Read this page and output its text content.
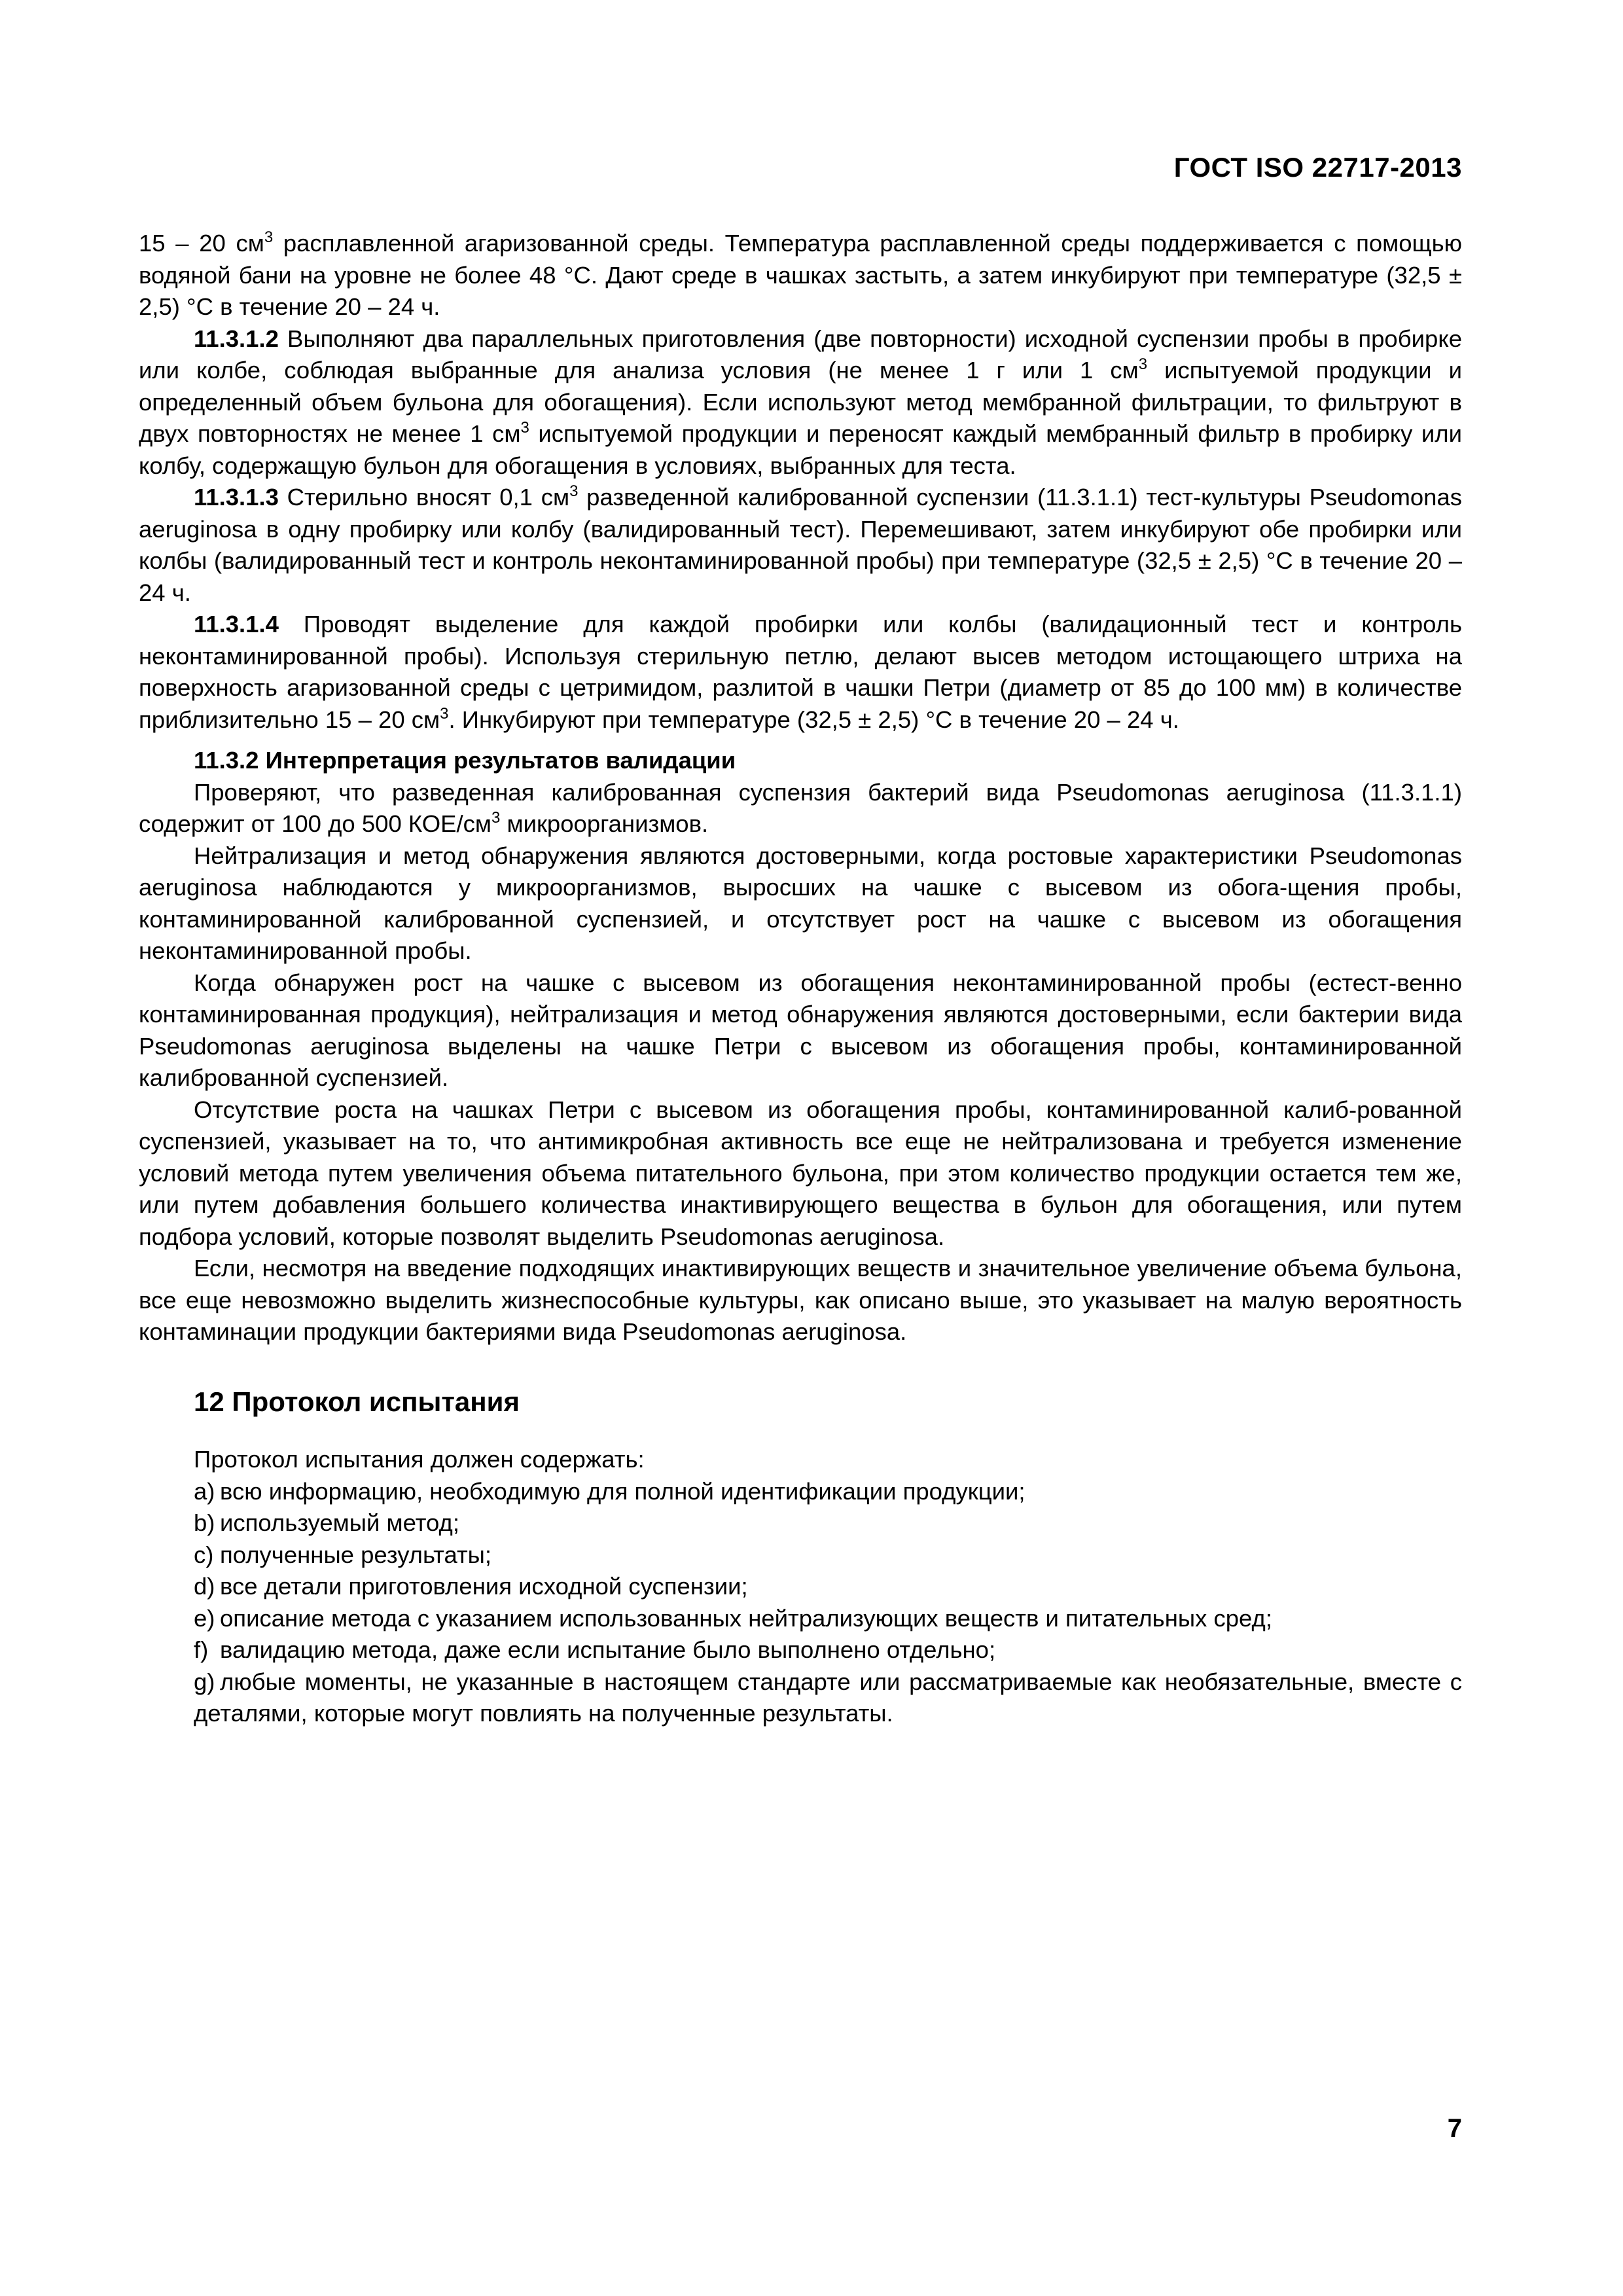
ГОСТ ISO 22717-2013

15 – 20 $см^3$ расплавленной агаризованной среды. Температура расплавленной среды поддерживается с помощью водяной бани на уровне не более 48 °С. Дают среде в чашках застыть, а затем инкубируют при температуре (32,5 ± 2,5) °С в течение 20 – 24 ч.

11.3.1.2 Выполняют два параллельных приготовления (две повторности) исходной суспензии пробы в пробирке или колбе, соблюдая выбранные для анализа условия (не менее 1 г или 1 $см^3$ испытуемой продукции и определенный объем бульона для обогащения). Если используют метод мембранной фильтрации, то фильтруют в двух повторностях не менее 1 $см^3$ испытуемой продукции и переносят каждый мембранный фильтр в пробирку или колбу, содержащую бульон для обогащения в условиях, выбранных для теста.

11.3.1.3 Стерильно вносят 0,1 $см^3$ разведенной калиброванной суспензии (11.3.1.1) тест-культуры Pseudomonas aeruginosa в одну пробирку или колбу (валидированный тест). Перемешивают, затем инкубируют обе пробирки или колбы (валидированный тест и контроль неконтаминированной пробы) при температуре (32,5 ± 2,5) °С в течение 20 – 24 ч.

11.3.1.4 Проводят выделение для каждой пробирки или колбы (валидационный тест и контроль неконтаминированной пробы). Используя стерильную петлю, делают высев методом истощающего штриха на поверхность агаризованной среды с цетримидом, разлитой в чашки Петри (диаметр от 85 до 100 мм) в количестве приблизительно 15 – 20 $см^3$. Инкубируют при температуре (32,5 ± 2,5) °С в течение 20 – 24 ч.

11.3.2 Интерпретация результатов валидации

Проверяют, что разведенная калиброванная суспензия бактерий вида Pseudomonas aeruginosa (11.3.1.1) содержит от 100 до 500 КОЕ/$см^3$ микроорганизмов.

Нейтрализация и метод обнаружения являются достоверными, когда ростовые характеристики Pseudomonas aeruginosa наблюдаются у микроорганизмов, выросших на чашке с высевом из обога-щения пробы, контаминированной калиброванной суспензией, и отсутствует рост на чашке с высевом из обогащения неконтаминированной пробы.

Когда обнаружен рост на чашке с высевом из обогащения неконтаминированной пробы (естест-венно контаминированная продукция), нейтрализация и метод обнаружения являются достоверными, если бактерии вида Pseudomonas aeruginosa выделены на чашке Петри с высевом из обогащения пробы, контаминированной калиброванной суспензией.

Отсутствие роста на чашках Петри с высевом из обогащения пробы, контаминированной калиб-рованной суспензией, указывает на то, что антимикробная активность все еще не нейтрализована и требуется изменение условий метода путем увеличения объема питательного бульона, при этом количество продукции остается тем же, или путем добавления большего количества инактивирующего вещества в бульон для обогащения, или путем подбора условий, которые позволят выделить Pseudomonas aeruginosa.

Если, несмотря на введение подходящих инактивирующих веществ и значительное увеличение объема бульона, все еще невозможно выделить жизнеспособные культуры, как описано выше, это указывает на малую вероятность контаминации продукции бактериями вида Pseudomonas aeruginosa.

12 Протокол испытания

Протокол испытания должен содержать:

a) всю информацию, необходимую для полной идентификации продукции;

b) используемый метод;

c) полученные результаты;

d) все детали приготовления исходной суспензии;

e) описание метода с указанием использованных нейтрализующих веществ и питательных сред;

f) валидацию метода, даже если испытание было выполнено отдельно;

g) любые моменты, не указанные в настоящем стандарте или рассматриваемые как необязательные, вместе с деталями, которые могут повлиять на полученные результаты.

7
